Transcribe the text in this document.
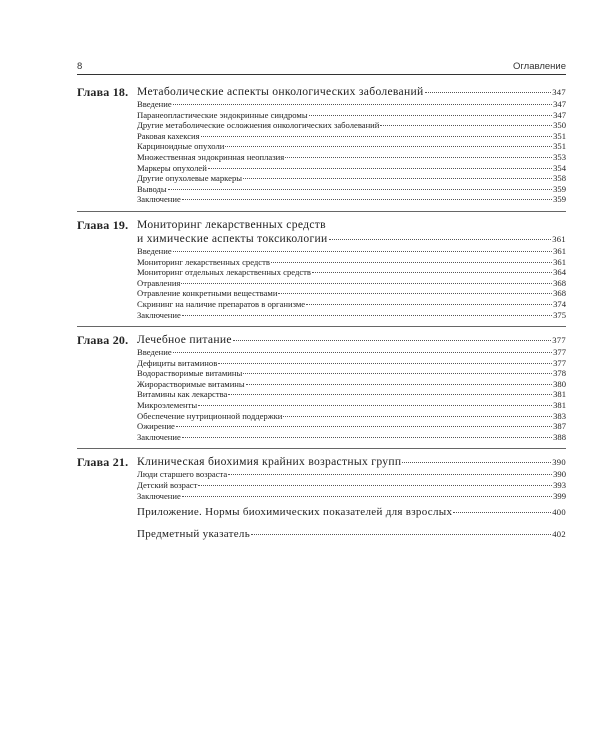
8	Оглавление
Глава 18. Метаболические аспекты онкологических заболеваний	347
Введение	347
Паранеопластические эндокринные синдромы	347
Другие метаболические осложнения онкологических заболеваний	350
Раковая кахексия	351
Карциноидные опухоли	351
Множественная эндокринная неоплазия	353
Маркеры опухолей	354
Другие опухолевые маркеры	358
Выводы	359
Заключение	359
Глава 19. Мониторинг лекарственных средств
и химические аспекты токсикологии	361
Введение	361
Мониторинг лекарственных средств	361
Мониторинг отдельных лекарственных средств	364
Отравления	368
Отравление конкретными веществами	368
Скрининг на наличие препаратов в организме	374
Заключение	375
Глава 20. Лечебное питание	377
Введение	377
Дефициты витаминов	377
Водорастворимые витамины	378
Жирорастворимые витамины	380
Витамины как лекарства	381
Микроэлементы	381
Обеспечение нутриционной поддержки	383
Ожирение	387
Заключение	388
Глава 21. Клиническая биохимия крайних возрастных групп	390
Люди старшего возраста	390
Детский возраст	393
Заключение	399
Приложение. Нормы биохимических показателей для взрослых	400
Предметный указатель	402
